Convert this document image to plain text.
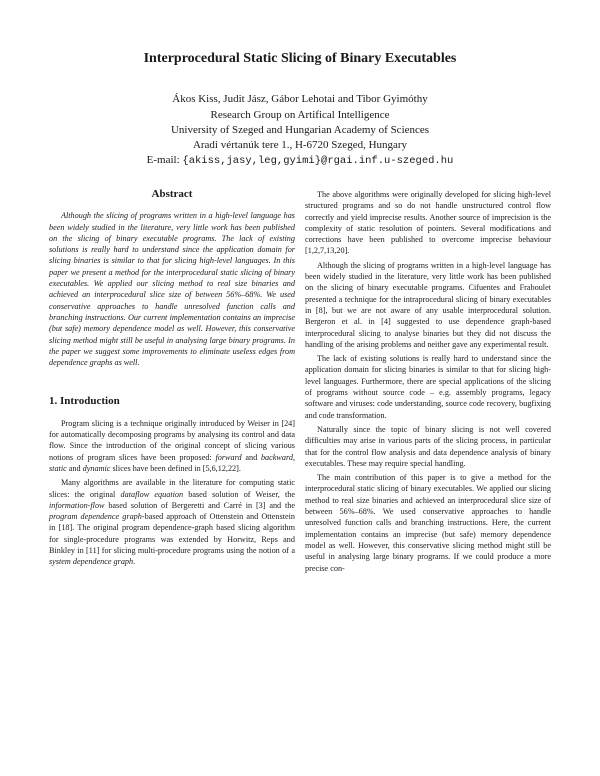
Interprocedural Static Slicing of Binary Executables
Ákos Kiss, Judit Jász, Gábor Lehotai and Tibor Gyimóthy
Research Group on Artifical Intelligence
University of Szeged and Hungarian Academy of Sciences
Aradi vértanúk tere 1., H-6720 Szeged, Hungary
E-mail: {akiss,jasy,leg,gyimi}@rgai.inf.u-szeged.hu
Abstract

Although the slicing of programs written in a high-level language has been widely studied in the literature, very little work has been published on the slicing of binary executable programs. The lack of existing solutions is really hard to understand since the application domain for slicing binaries is similar to that for slicing high-level languages. In this paper we present a method for the interprocedural static slicing of binary executables. We applied our slicing method to real size binaries and achieved an interprocedural slice size of between 56%–68%. We used conservative approaches to handle unresolved function calls and branching instructions. Our current implementation contains an imprecise (but safe) memory dependence model as well. However, this conservative slicing method might still be useful in analysing large binary programs. In the paper we suggest some improvements to eliminate useless edges from dependence graphs as well.

1. Introduction

Program slicing is a technique originally introduced by Weiser in [24] for automatically decomposing programs by analysing its control and data flow. Since the introduction of the original concept of slicing various notions of program slices have been proposed: forward and backward, static and dynamic slices have been defined in [5,6,12,22].

Many algorithms are available in the literature for computing static slices: the original dataflow equation based solution of Weiser, the information-flow based solution of Bergeretti and Carré in [3] and the program dependence graph-based approach of Ottenstein and Ottenstein in [18]. The original program dependence-graph based slicing algorithm for single-procedure programs was extended by Horwitz, Reps and Binkley in [11] for slicing multi-procedure programs using the notion of a system dependence graph.

The above algorithms were originally developed for slicing high-level structured programs and so do not handle unstructured control flow correctly and yield imprecise results. Another source of imprecision is the complexity of static resolution of pointers. Several modifications and corrections have been published to overcome imprecise behaviour [1,2,7,13,20].

Although the slicing of programs written in a high-level language has been widely studied in the literature, very little work has been published on the slicing of binary executable programs. Cifuentes and Fraboulet presented a technique for the intraprocedural slicing of binary executables in [8], but we are not aware of any usable interprocedural solution. Bergeron et al. in [4] suggested to use dependence graph-based interprocedural slicing to analyse binaries but they did not discuss the handling of the arising problems and neither gave any experimental result.

The lack of existing solutions is really hard to understand since the application domain for slicing binaries is similar to that for slicing high-level languages. Furthermore, there are special applications of the slicing of programs without source code – e.g. assembly programs, legacy software and viruses: code understanding, source code recovery, bugfixing and code transformation.

Naturally since the topic of binary slicing is not well covered difficulties may arise in various parts of the slicing process, in particular that for the control flow analysis and data dependence analysis of binary executables. These may require special handling.

The main contribution of this paper is to give a method for the interprocedural static slicing of binary executables. We applied our slicing method to real size binaries and achieved an interprocedural slice size of between 56%–68%. We used conservative approaches to handle unresolved function calls and branching instructions. Here, the current implementation contains an imprecise (but safe) memory dependence model as well. However, this conservative slicing method might still be useful in analysing large binary programs. If we could produce a more precise con-
